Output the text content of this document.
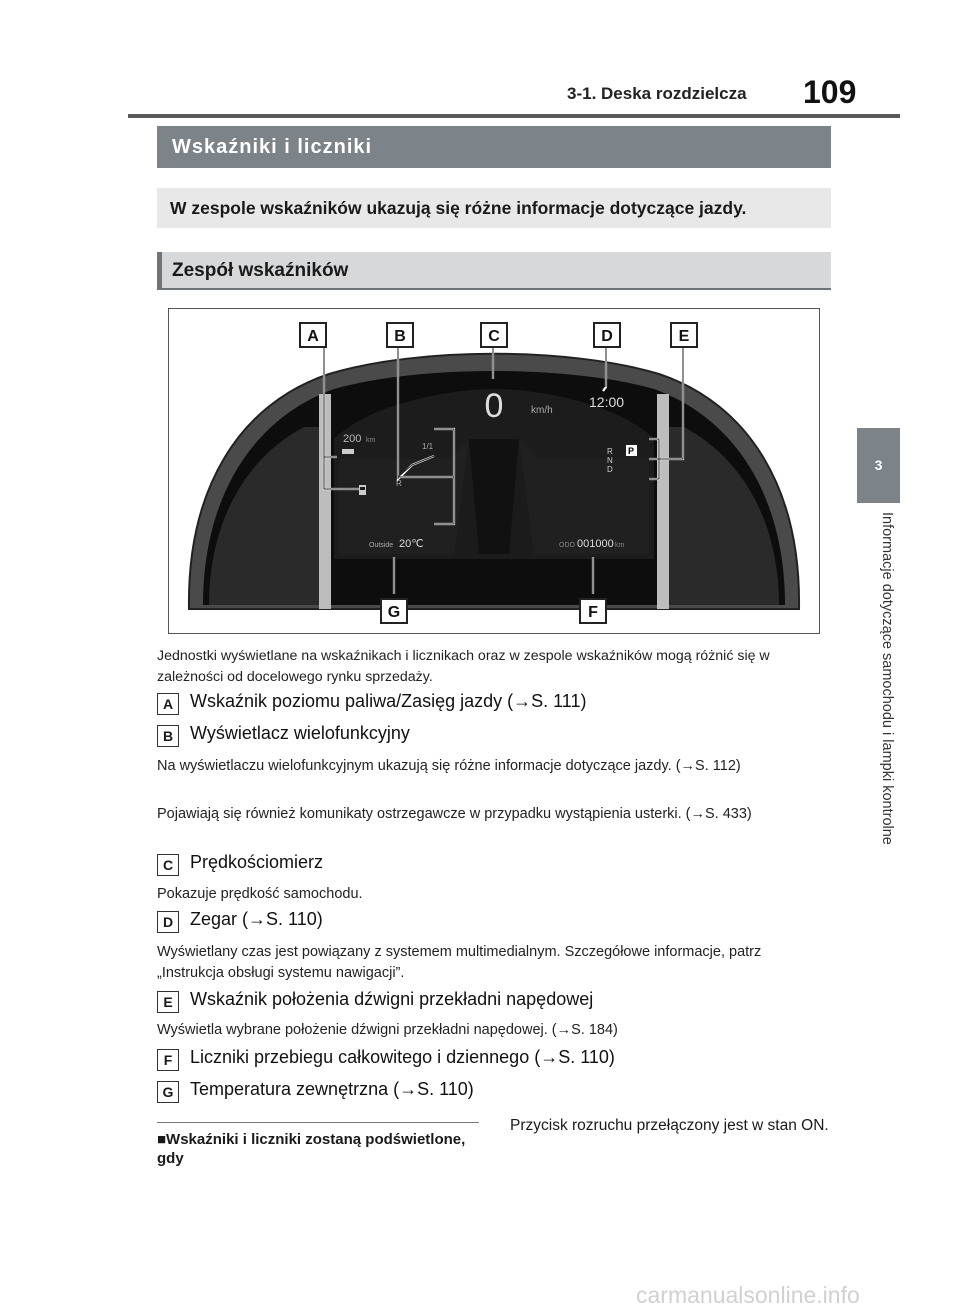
3-1. Deska rozdzielcza 109
Wskaźniki i liczniki
W zespole wskaźników ukazują się różne informacje dotyczące jazdy.
Zespół wskaźników
3
Informacje dotyczące samochodu i lampki kontrolne
0	km/h
12:00
200 km
1/1
R
Outside 20℃	ODO 001000 km
P
R
N
D
A	B	C	D	E
G	F
Jednostki wyświetlane na wskaźnikach i licznikach oraz w zespole wskaźników mogą różnić się w zależności od docelowego rynku sprzedaży.
A Wskaźnik poziomu paliwa/Zasięg jazdy (→S. 111)
B Wyświetlacz wielofunkcyjny
Na wyświetlaczu wielofunkcyjnym ukazują się różne informacje dotyczące jazdy. (→S. 112)
Pojawiają się również komunikaty ostrzegawcze w przypadku wystąpienia usterki. (→S. 433)
C Prędkościomierz
Pokazuje prędkość samochodu.
D Zegar (→S. 110)
Wyświetlany czas jest powiązany z systemem multimedialnym. Szczegółowe informacje, patrz „Instrukcja obsługi systemu nawigacji”.
E Wskaźnik położenia dźwigni przekładni napędowej
Wyświetla wybrane położenie dźwigni przekładni napędowej. (→S. 184)
F Liczniki przebiegu całkowitego i dziennego (→S. 110)
G Temperatura zewnętrzna (→S. 110)
■Wskaźniki i liczniki zostaną podświetlone, gdy
Przycisk rozruchu przełączony jest w stan ON.
carmanualsonline.info
